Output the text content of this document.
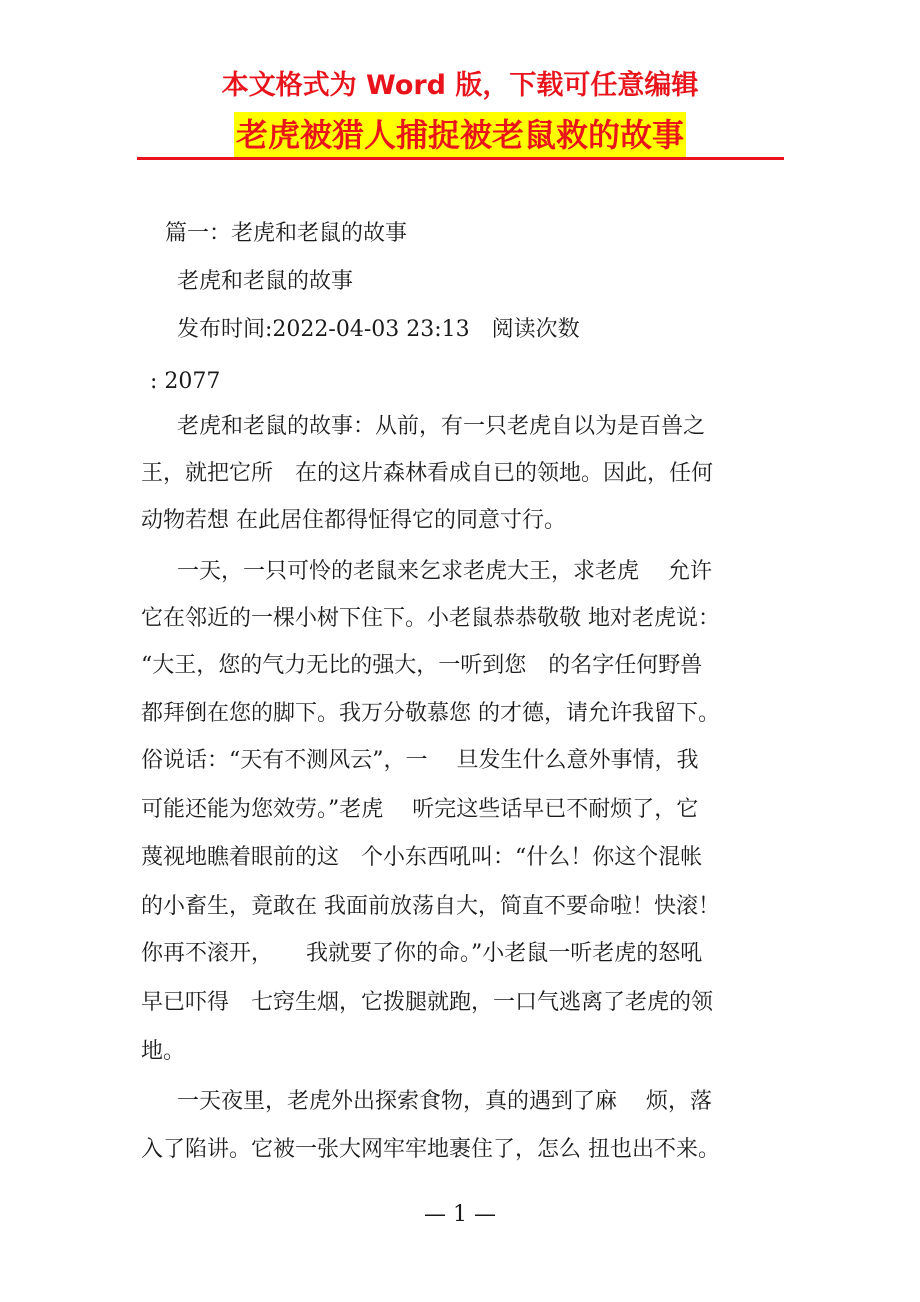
本文格式为 Word 版，下载可任意编辑
老虎被猎人捕捉被老鼠救的故事
篇一：老虎和老鼠的故事
老虎和老鼠的故事
发布时间:2022-04-03 23:13　阅读次数
: 2077
老虎和老鼠的故事：从前，有一只老虎自以为是百兽之
王，就把它所　在的这片森林看成自已的领地。因此，任何
动物若想 在此居住都得怔得它的同意寸行。
一天，一只可怜的老鼠来乞求老虎大王，求老虎　 允许
它在邻近的一棵小树下住下。小老鼠恭恭敬敬 地对老虎说：
“大王，您的气力无比的强大，一听到您　的名字任何野兽
都拜倒在您的脚下。我万分敬慕您 的才德，请允许我留下。
俗说话：“天有不测风云”，一　 旦发生什么意外事情，我
可能还能为您效劳。”老虎　 听完这些话早已不耐烦了，它
蔑视地瞧着眼前的这　个小东西吼叫：“什么！你这个混帐
的小畜生，竟敢在 我面前放荡自大，简直不要命啦！快滚！
你再不滚开，　　我就要了你的命。”小老鼠一听老虎的怒吼
早已吓得　七窍生烟，它拨腿就跑，一口气逃离了老虎的领
地。
一天夜里，老虎外出探索食物，真的遇到了麻　 烦，落
入了陷讲。它被一张大网牢牢地裹住了，怎么 扭也出不来。
— 1 —
